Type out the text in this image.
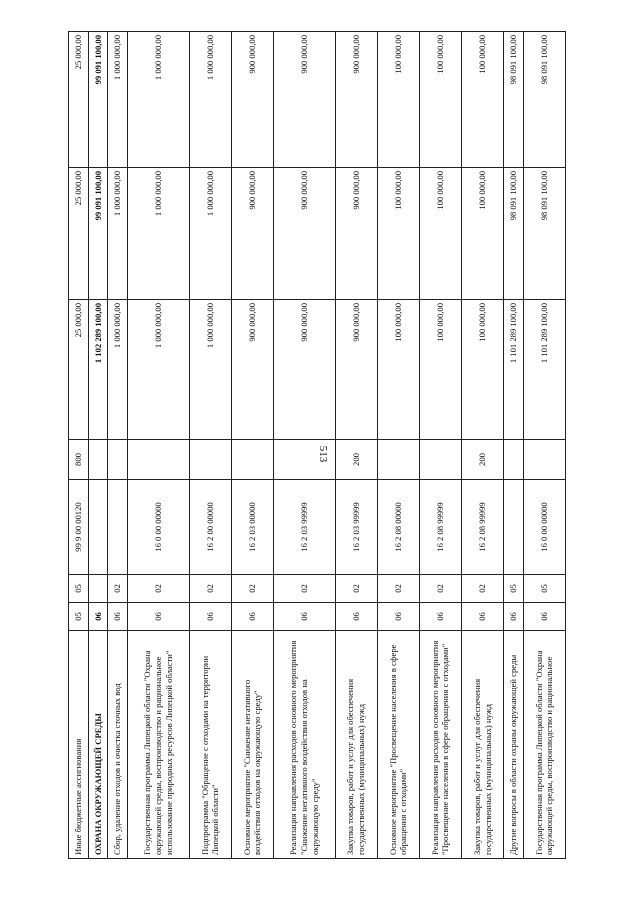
513
Иные бюджетные ассигнования	05	05	99 9 00 00120	800	25 000,00	25 000,00	25 000,00
ОХРАНА ОКРУЖАЮЩЕЙ СРЕДЫ	06				1 102 289 100,00	99 091 100,00	99 091 100,00
Сбор, удаление отходов и очистка сточных вод	06	02			1 000 000,00	1 000 000,00	1 000 000,00
Государственная программа Липецкой области "Охрана окружающей среды, воспроизводство и рациональное использование природных ресурсов Липецкой области"	06	02	16 0 00 00000		1 000 000,00	1 000 000,00	1 000 000,00
Подпрограмма "Обращение с отходами на территории Липецкой области"	06	02	16 2 00 00000		1 000 000,00	1 000 000,00	1 000 000,00
Основное мероприятие "Снижение негативного воздействия отходов на окружающую среду"	06	02	16 2 03 00000		900 000,00	900 000,00	900 000,00
Реализация направления расходов основного мероприятия "Снижение негативного воздействия отходов на окружающую среду"	06	02	16 2 03 99999		900 000,00	900 000,00	900 000,00
Закупка товаров, работ и услуг для обеспечения государственных (муниципальных) нужд	06	02	16 2 03 99999	200	900 000,00	900 000,00	900 000,00
Основное мероприятие "Просвещение населения в сфере обращения с отходами"	06	02	16 2 08 00000		100 000,00	100 000,00	100 000,00
Реализация направления расходов основного мероприятия "Просвещение населения в сфере обращения с отходами"	06	02	16 2 08 99999		100 000,00	100 000,00	100 000,00
Закупка товаров, работ и услуг для обеспечения государственных (муниципальных) нужд	06	02	16 2 08 99999	200	100 000,00	100 000,00	100 000,00
Другие вопросы в области охраны окружающей среды	06	05			1 101 289 100,00	98 091 100,00	98 091 100,00
Государственная программа Липецкой области "Охрана окружающей среды, воспроизводство и рациональное	06	05	16 0 00 00000		1 101 289 100,00	98 091 100,00	98 091 100,00
